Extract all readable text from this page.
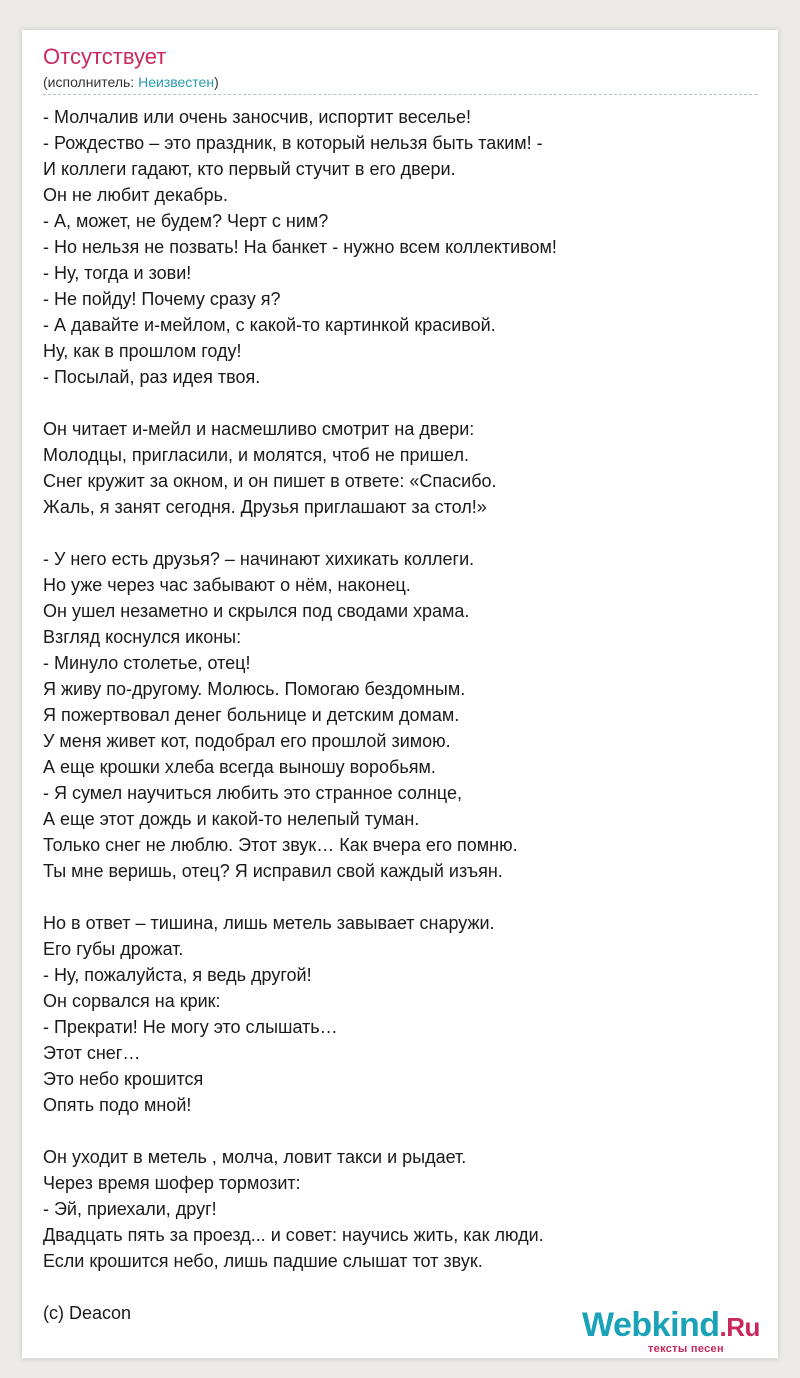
Отсутствует
(исполнитель: Неизвестен)
- Молчалив или очень заносчив, испортит веселье!
- Рождество – это праздник, в который нельзя быть таким! -
И коллеги гадают, кто первый стучит в его двери.
Он не любит декабрь.
- А, может, не будем? Черт с ним?
- Но нельзя не позвать! На банкет - нужно всем коллективом!
- Ну, тогда и зови!
- Не пойду! Почему сразу я?
- А давайте и-мейлом, с какой-то картинкой красивой.
Ну, как в прошлом году!
- Посылай, раз идея твоя.
Он читает и-мейл и насмешливо смотрит на двери:
Молодцы, пригласили, и молятся, чтоб не пришел.
Снег кружит за окном, и он пишет в ответе: «Спасибо.
Жаль, я занят сегодня. Друзья приглашают за стол!»
- У него есть друзья? – начинают хихикать коллеги.
Но уже через час забывают о нём, наконец.
Он ушел незаметно и скрылся под сводами храма.
Взгляд коснулся иконы:
- Минуло столетье, отец!
Я живу по-другому. Молюсь. Помогаю бездомным.
Я пожертвовал денег больнице и детским домам.
У меня живет кот, подобрал его прошлой зимою.
А еще крошки хлеба всегда выношу воробьям.
- Я сумел научиться любить это странное солнце,
А еще этот дождь и какой-то нелепый туман.
Только снег не люблю. Этот звук… Как вчера его помню.
Ты мне веришь, отец? Я исправил свой каждый изъян.
Но в ответ – тишина, лишь метель завывает снаружи.
Его губы дрожат.
- Ну, пожалуйста, я ведь другой!
Он сорвался на крик:
- Прекрати! Не могу это слышать…
Этот снег…
Это небо крошится
Опять подо мной!
Он уходит в метель , молча, ловит такси и рыдает.
Через время шофер тормозит:
- Эй, приехали, друг!
Двадцать пять за проезд... и совет: научись жить, как люди.
Если крошится небо, лишь падшие слышат тот звук.
(c) Deacon	Webkind.Ru
тексты песен
